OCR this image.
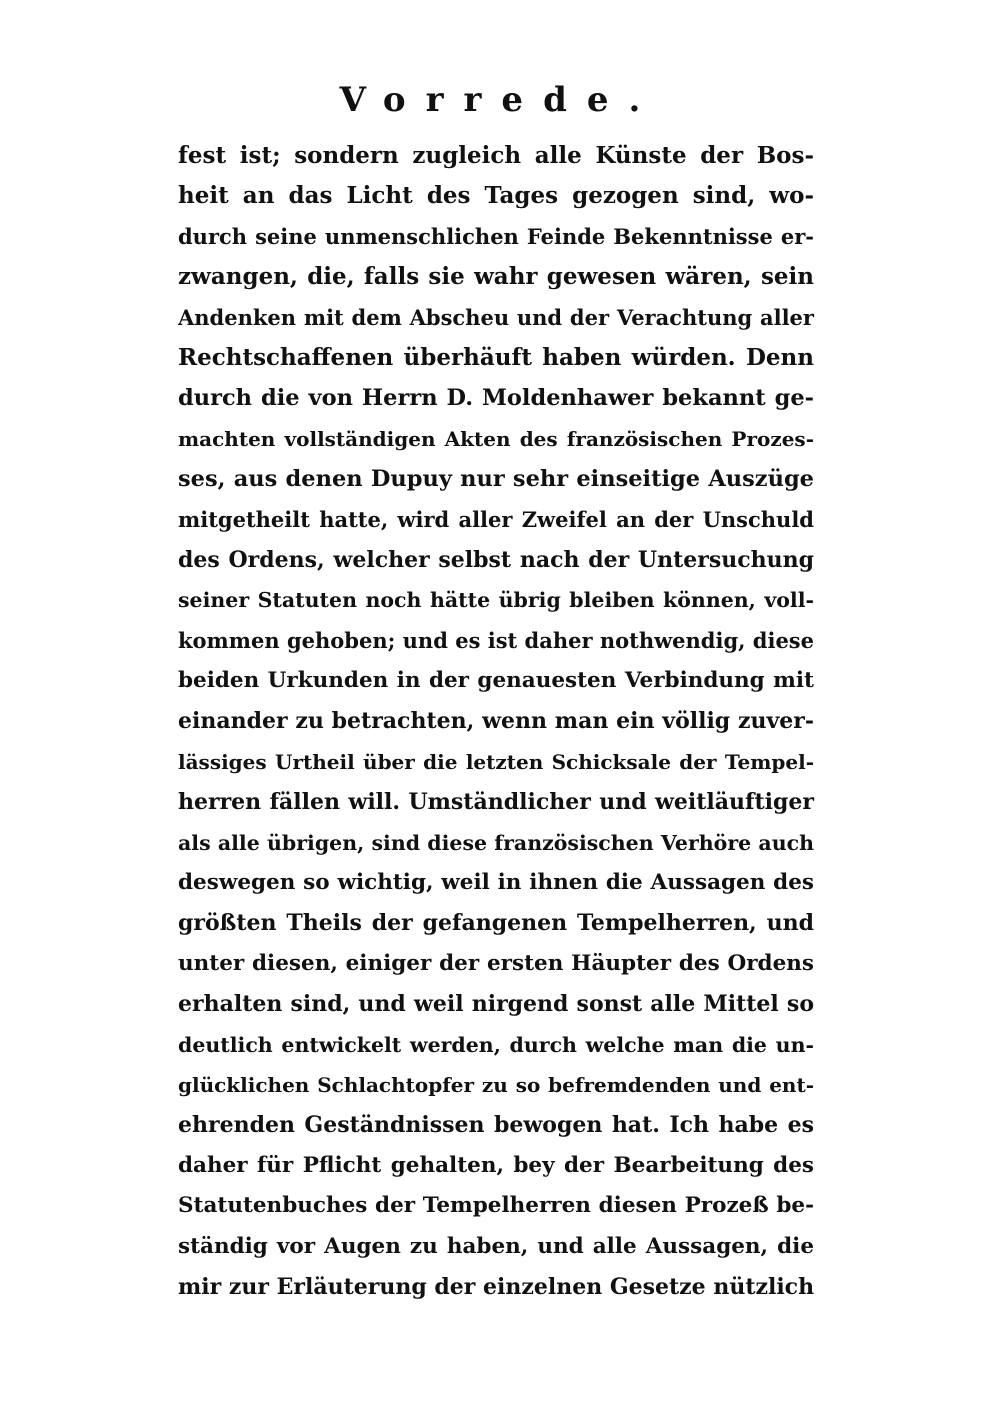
Vorrede.
fest ist; sondern zugleich alle Künste der Bos-
heit an das Licht des Tages gezogen sind, wo-
durch seine unmenschlichen Feinde Bekenntnisse er-
zwangen, die, falls sie wahr gewesen wären, sein
Andenken mit dem Abscheu und der Verachtung aller
Rechtschaffenen überhäuft haben würden. Denn
durch die von Herrn D. Moldenhawer bekannt ge-
machten vollständigen Akten des französischen Prozes-
ses, aus denen Dupuy nur sehr einseitige Auszüge
mitgetheilt hatte, wird aller Zweifel an der Unschuld
des Ordens, welcher selbst nach der Untersuchung
seiner Statuten noch hätte übrig bleiben können, voll-
kommen gehoben; und es ist daher nothwendig, diese
beiden Urkunden in der genauesten Verbindung mit
einander zu betrachten, wenn man ein völlig zuver-
lässiges Urtheil über die letzten Schicksale der Tempel-
herren fällen will. Umständlicher und weitläuftiger
als alle übrigen, sind diese französischen Verhöre auch
deswegen so wichtig, weil in ihnen die Aussagen des
größten Theils der gefangenen Tempelherren, und
unter diesen, einiger der ersten Häupter des Ordens
erhalten sind, und weil nirgend sonst alle Mittel so
deutlich entwickelt werden, durch welche man die un-
glücklichen Schlachtopfer zu so befremdenden und ent-
ehrenden Geständnissen bewogen hat. Ich habe es
daher für Pflicht gehalten, bey der Bearbeitung des
Statutenbuches der Tempelherren diesen Prozeß be-
ständig vor Augen zu haben, und alle Aussagen, die
mir zur Erläuterung der einzelnen Gesetze nützlich
